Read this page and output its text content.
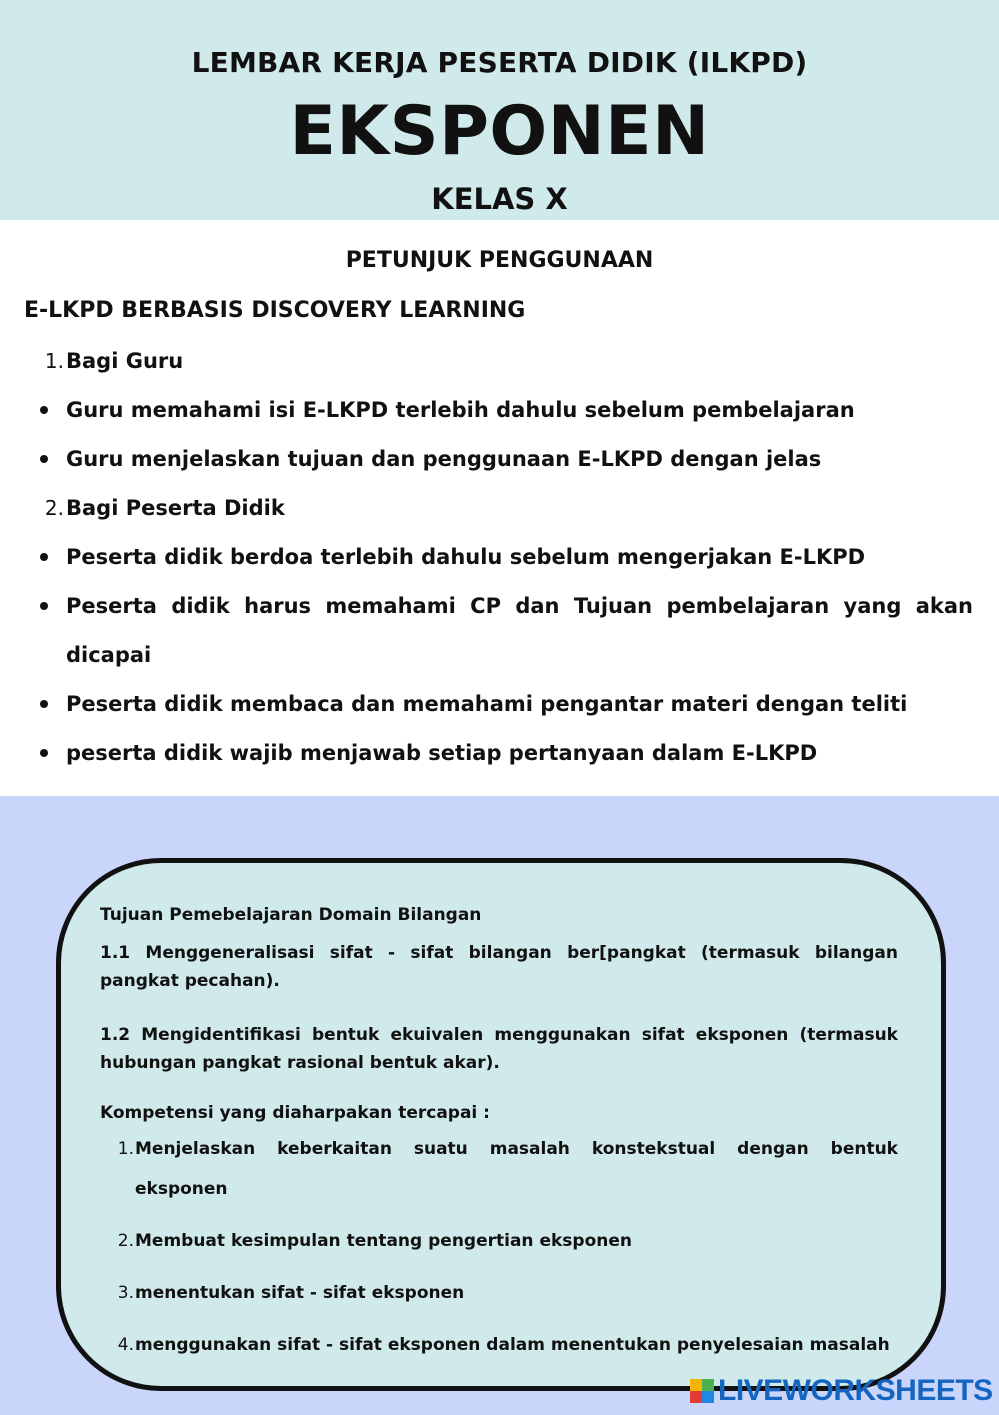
LEMBAR KERJA PESERTA DIDIK (ILKPD)
EKSPONEN
KELAS X
PETUNJUK PENGGUNAAN
E-LKPD BERBASIS DISCOVERY LEARNING
1. Bagi Guru
Guru memahami isi E-LKPD terlebih dahulu sebelum pembelajaran
Guru menjelaskan tujuan dan penggunaan E-LKPD dengan jelas
2. Bagi Peserta Didik
Peserta didik berdoa terlebih dahulu sebelum mengerjakan E-LKPD
Peserta didik harus memahami CP dan Tujuan pembelajaran yang akan dicapai
Peserta didik membaca dan memahami pengantar materi dengan teliti
peserta didik wajib menjawab setiap pertanyaan dalam E-LKPD
Tujuan Pemebelajaran Domain Bilangan
1.1 Menggeneralisasi sifat - sifat bilangan ber[pangkat (termasuk bilangan pangkat pecahan).
1.2 Mengidentifikasi bentuk ekuivalen menggunakan sifat eksponen (termasuk hubungan pangkat rasional bentuk akar).
Kompetensi yang diaharpakan tercapai :
1. Menjelaskan keberkaitan suatu masalah konstekstual dengan bentuk eksponen
2. Membuat kesimpulan tentang pengertian eksponen
3. menentukan sifat - sifat eksponen
4. menggunakan sifat - sifat eksponen dalam menentukan penyelesaian masalah
LIVEWORKSHEETS
